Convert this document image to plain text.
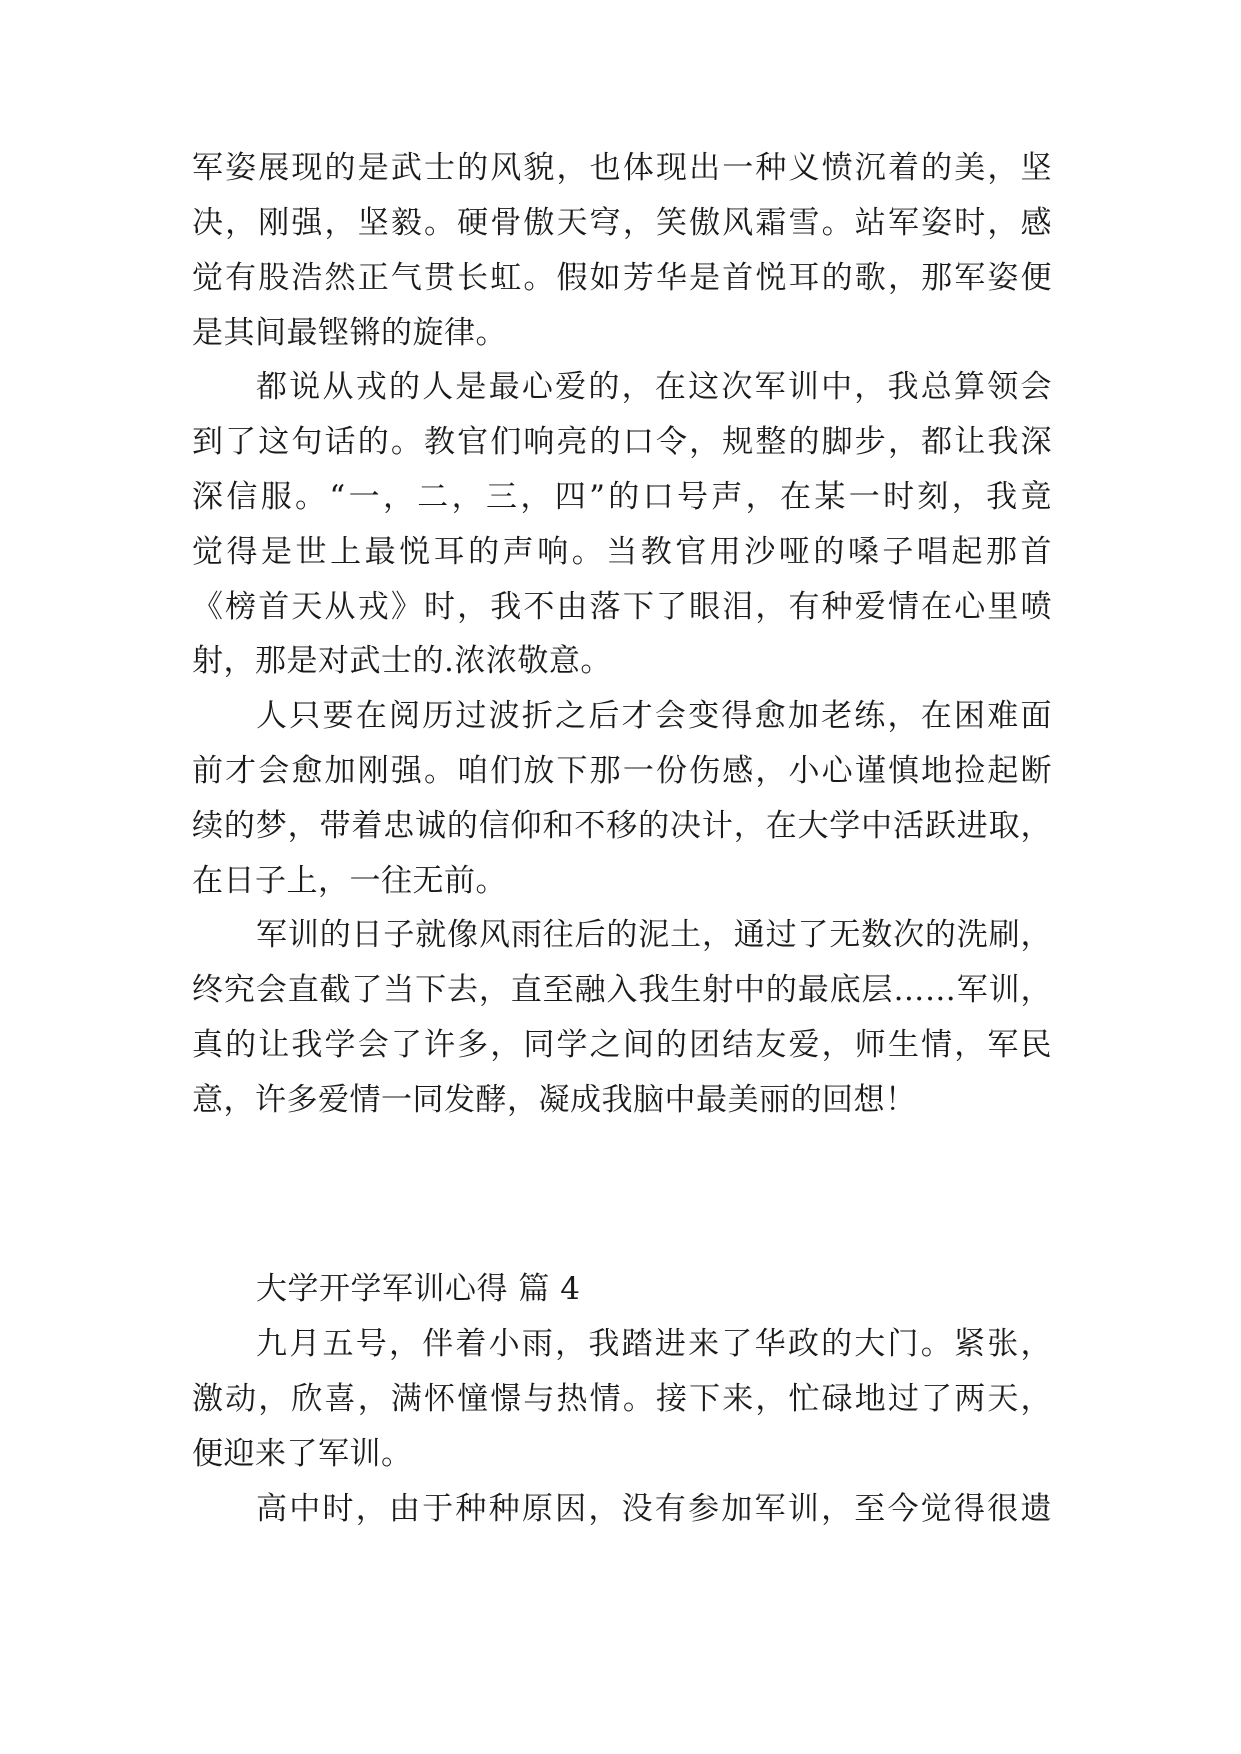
军姿展现的是武士的风貌，也体现出一种义愤沉着的美，坚
决，刚强，坚毅。硬骨傲天穹，笑傲风霜雪。站军姿时，感
觉有股浩然正气贯长虹。假如芳华是首悦耳的歌，那军姿便
是其间最铿锵的旋律。
都说从戎的人是最心爱的，在这次军训中，我总算领会
到了这句话的。教官们响亮的口令，规整的脚步，都让我深
深信服。“一，二，三，四”的口号声，在某一时刻，我竟
觉得是世上最悦耳的声响。当教官用沙哑的嗓子唱起那首
《榜首天从戎》时，我不由落下了眼泪，有种爱情在心里喷
射，那是对武士的.浓浓敬意。
人只要在阅历过波折之后才会变得愈加老练，在困难面
前才会愈加刚强。咱们放下那一份伤感，小心谨慎地捡起断
续的梦，带着忠诚的信仰和不移的决计，在大学中活跃进取，
在日子上，一往无前。
军训的日子就像风雨往后的泥土，通过了无数次的洗刷，
终究会直截了当下去，直至融入我生射中的最底层……军训，
真的让我学会了许多，同学之间的团结友爱，师生情，军民
意，许多爱情一同发酵，凝成我脑中最美丽的回想！
大学开学军训心得 篇 4
九月五号，伴着小雨，我踏进来了华政的大门。紧张，
激动，欣喜，满怀憧憬与热情。接下来，忙碌地过了两天，
便迎来了军训。
高中时，由于种种原因，没有参加军训，至今觉得很遗
